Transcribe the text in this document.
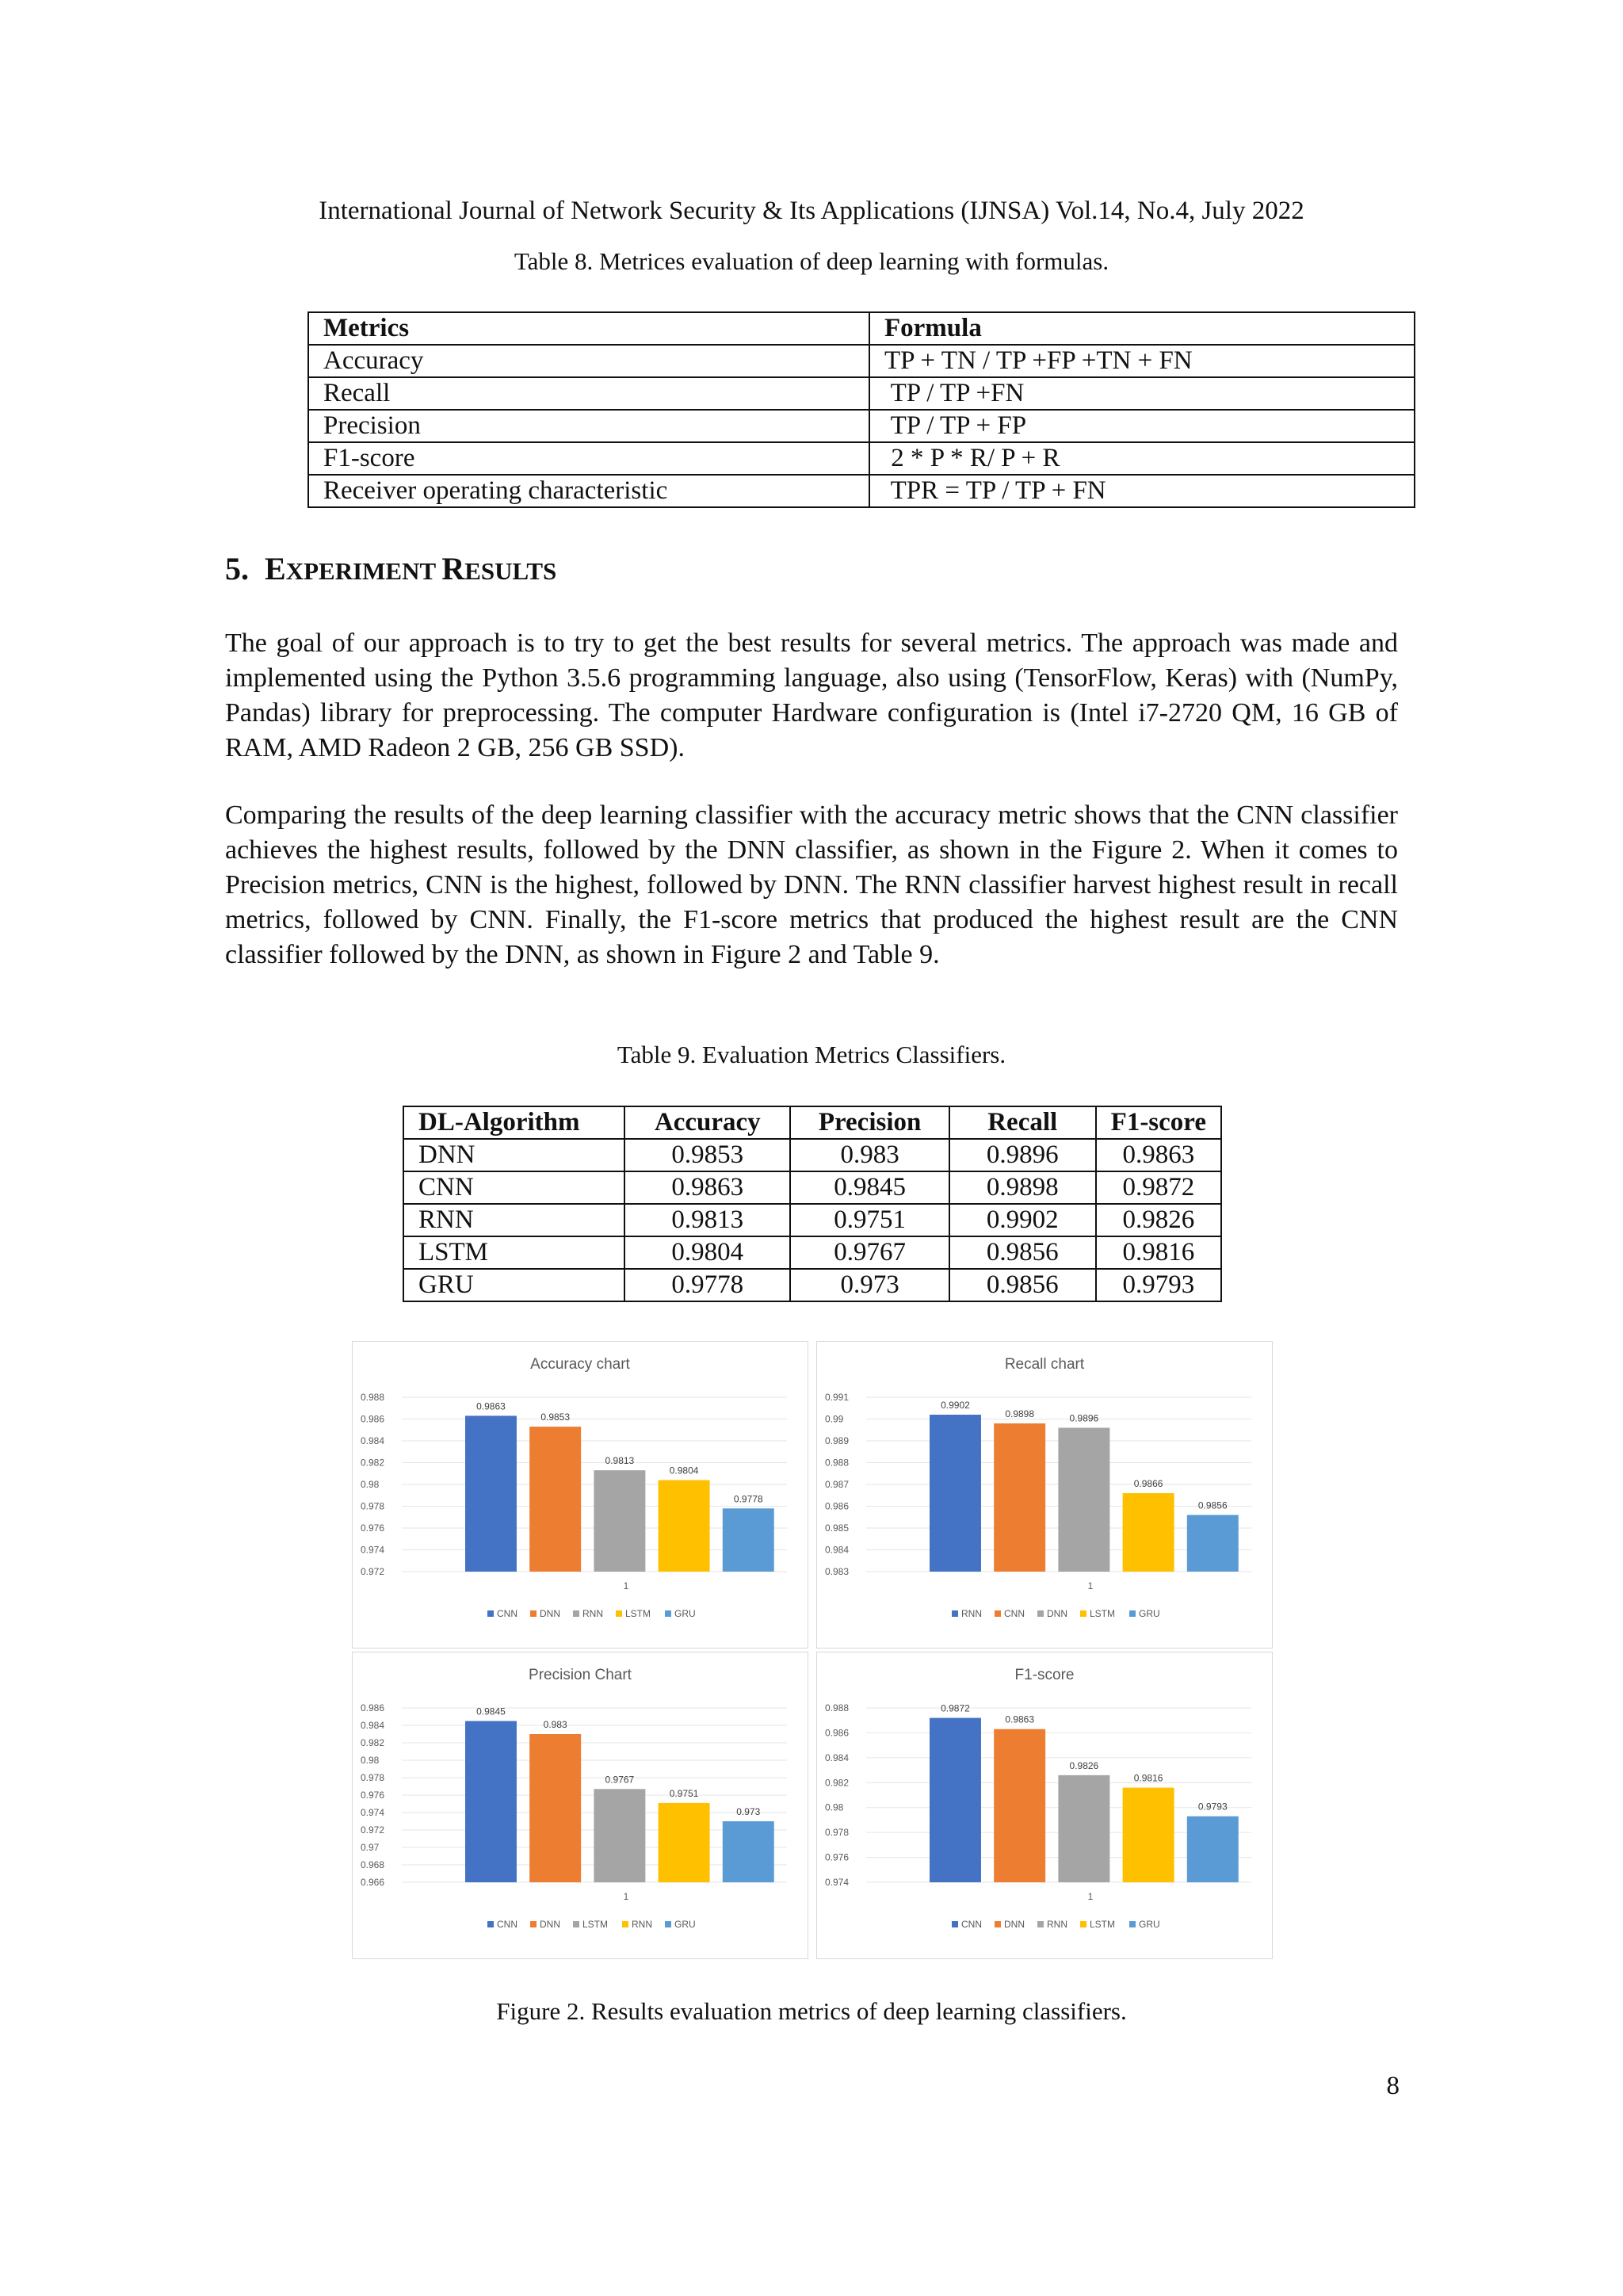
International Journal of Network Security & Its Applications (IJNSA) Vol.14, No.4, July 2022
Table 8. Metrices evaluation of deep learning with formulas.
Metrics	Formula
Accuracy	TP + TN / TP +FP +TN + FN
Recall	TP / TP +FN
Precision	TP / TP + FP
F1-score	2 * P * R/ P + R
Receiver operating characteristic	TPR = TP / TP + FN
5. EXPERIMENT RESULTS
The goal of our approach is to try to get the best results for several metrics. The approach was made and implemented using the Python 3.5.6 programming language, also using (TensorFlow, Keras) with (NumPy, Pandas) library for preprocessing. The computer Hardware configuration is (Intel i7-2720 QM, 16 GB of RAM, AMD Radeon 2 GB, 256 GB SSD).
Comparing the results of the deep learning classifier with the accuracy metric shows that the CNN classifier achieves the highest results, followed by the DNN classifier, as shown in the Figure 2. When it comes to Precision metrics, CNN is the highest, followed by DNN. The RNN classifier harvest highest result in recall metrics, followed by CNN. Finally, the F1-score metrics that produced the highest result are the CNN classifier followed by the DNN, as shown in Figure 2 and Table 9.
Table 9. Evaluation Metrics Classifiers.
DL-Algorithm	Accuracy	Precision	Recall	F1-score
DNN	0.9853	0.983	0.9896	0.9863
CNN	0.9863	0.9845	0.9898	0.9872
RNN	0.9813	0.9751	0.9902	0.9826
LSTM	0.9804	0.9767	0.9856	0.9816
GRU	0.9778	0.973	0.9856	0.9793
Accuracy chart
0.988
0.986
0.984
0.982
0.98
0.978
0.976
0.974
0.972
0.9863
0.9853
0.9813
0.9804
0.9778
1
CNN DNN RNN LSTM GRU
Recall chart
0.991
0.99
0.989
0.988
0.987
0.986
0.985
0.984
0.983
0.9902
0.9898	0.9896
0.9866
0.9856
1
RNN CNN DNN LSTM GRU
Precision Chart
0.986
0.984
0.982
0.98
0.978
0.976
0.974
0.972
0.97
0.968
0.966
0.9845
0.983
0.9767
0.9751
0.973
1
CNN DNN LSTM RNN GRU
F1-score
0.988
0.986
0.984
0.982
0.98
0.978
0.976
0.974
0.9872
0.9863
0.9826
0.9816
0.9793
1
CNN DNN RNN LSTM GRU
Figure 2. Results evaluation metrics of deep learning classifiers.
8
